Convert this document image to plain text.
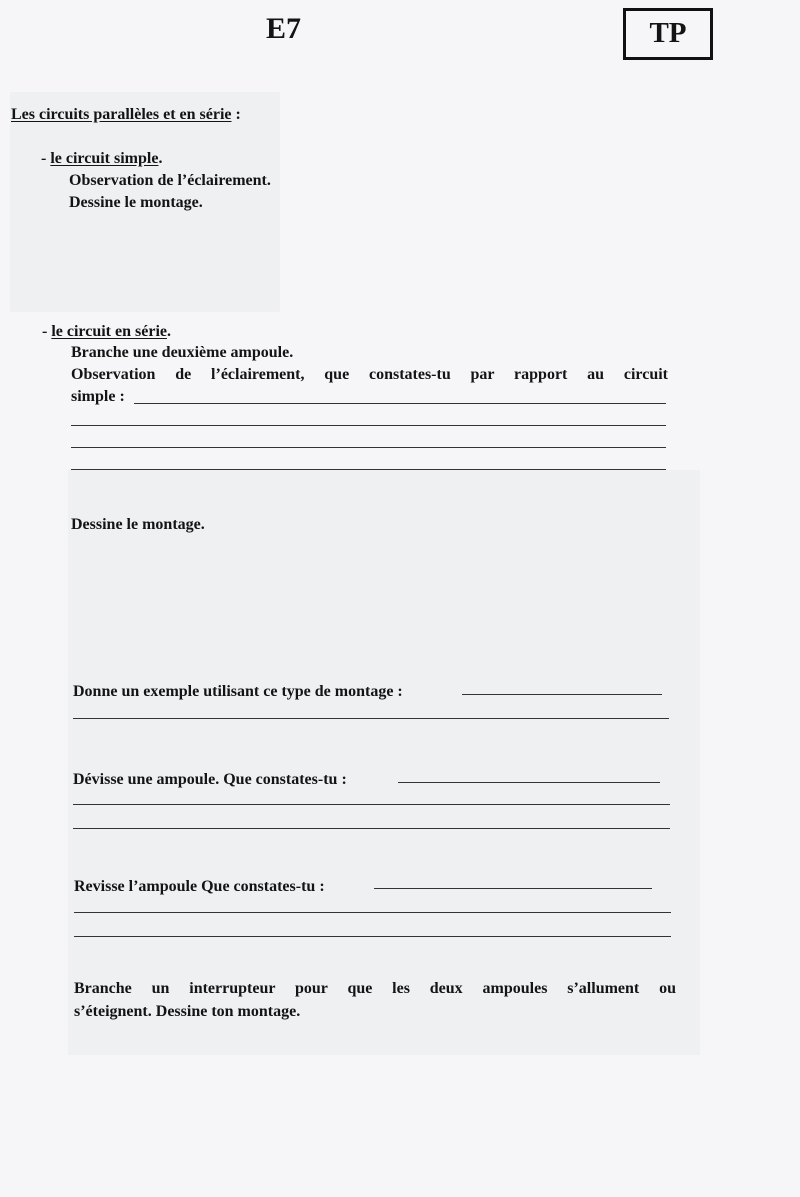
E7	TP
Les circuits parallèles et en série :
- le circuit simple.
Observation de l’éclairement.
Dessine le montage.
- le circuit en série.
Branche une deuxième ampoule.
Observation de l’éclairement, que constates-tu par rapport au circuit
simple :
Dessine le montage.
Donne un exemple utilisant ce type de montage :
Dévisse une ampoule. Que constates-tu :
Revisse l’ampoule Que constates-tu :
Branche un interrupteur pour que les deux ampoules s’allument ou
s’éteignent. Dessine ton montage.
